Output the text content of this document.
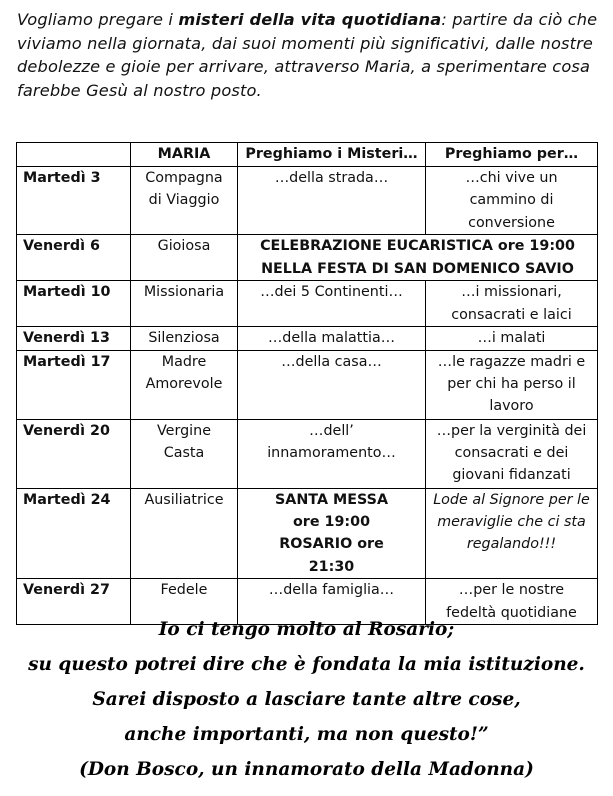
Vogliamo pregare i misteri della vita quotidiana: partire da ciò che viviamo nella giornata, dai suoi momenti più significativi, dalle nostre debolezze e gioie per arrivare, attraverso Maria, a sperimentare cosa farebbe Gesù al nostro posto.

	MARIA	Preghiamo i Misteri…	Preghiamo per…
Martedì 3	Compagna di Viaggio	…della strada…	…chi vive un cammino di conversione

Venerdì 6	Gioiosa	CELEBRAZIONE EUCARISTICA ore 19:00 NELLA FESTA DI SAN DOMENICO SAVIO	

Martedì 10	Missionaria	…dei 5 Continenti…	…i missionari, consacrati e laici

Venerdì 13	Silenziosa	…della malattia…	…i malati
Martedì 17	Madre Amorevole	…della casa…	…le ragazze madri e per chi ha perso il lavoro

Venerdì 20	Vergine Casta	…dell’ innamoramento…	…per la verginità dei consacrati e dei giovani fidanzati

Martedì 24	Ausiliatrice	SANTA MESSA ore 19:00 ROSARIO ore 21:30	Lode al Signore per le meraviglie che ci sta regalando!!!

Venerdì 27	Fedele	…della famiglia…	…per le nostre fedeltà quotidiane
Io ci tengo molto al Rosario;
su questo potrei dire che è fondata la mia istituzione.
Sarei disposto a lasciare tante altre cose,
anche importanti, ma non questo!”
(Don Bosco, un innamorato della Madonna)
